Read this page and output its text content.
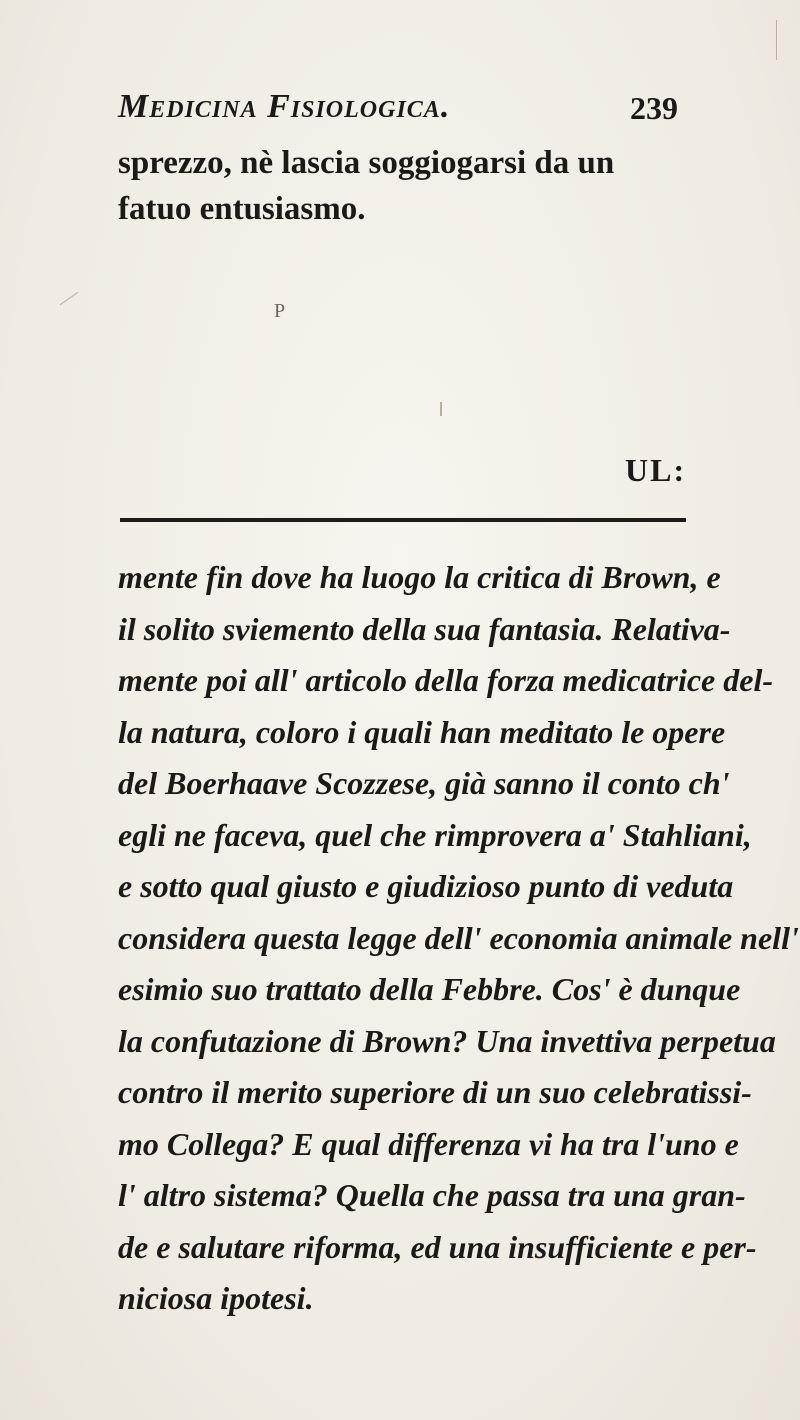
Medicina Fisiologica.	239
sprezzo, nè lascia soggiogarsi da un fatuo entusiasmo.
P
UL:
mente fin dove ha luogo la critica di Brown, e
il solito sviemento della sua fantasia. Relativa-
mente poi all' articolo della forza medicatrice del-
la natura, coloro i quali han meditato le opere
del Boerhaave Scozzese, già sanno il conto ch'
egli ne faceva, quel che rimprovera a' Stahliani,
e sotto qual giusto e giudizioso punto di veduta
considera questa legge dell' economia animale nell'
esimio suo trattato della Febbre. Cos' è dunque
la confutazione di Brown? Una invettiva perpetua
contro il merito superiore di un suo celebratissi-
mo Collega? E qual differenza vi ha tra l'uno e
l' altro sistema? Quella che passa tra una gran-
de e salutare riforma, ed una insufficiente e per-
niciosa ipotesi.
